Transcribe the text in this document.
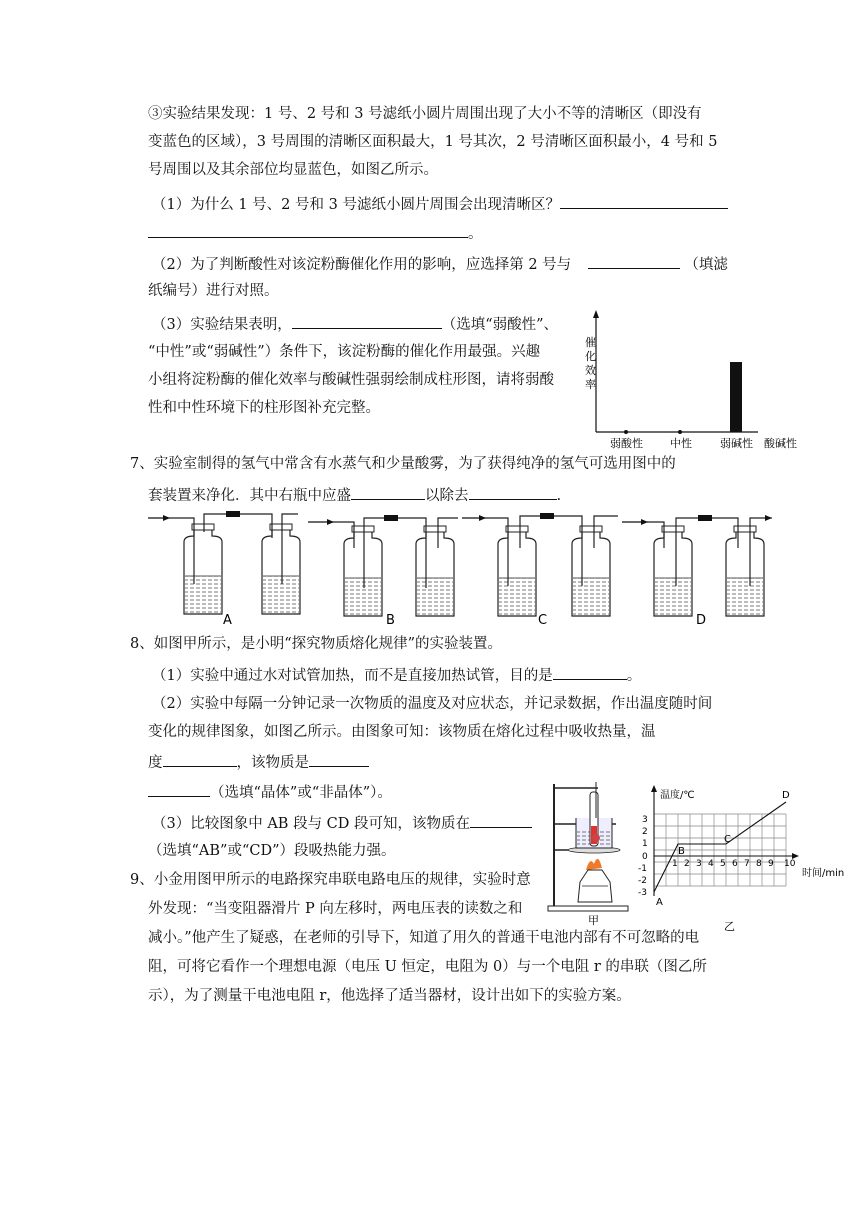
③实验结果发现：1 号、2 号和 3 号滤纸小圆片周围出现了大小不等的清晰区（即没有
变蓝色的区域），3 号周围的清晰区面积最大，1 号其次，2 号清晰区面积最小，4 号和 5
号周围以及其余部位均显蓝色，如图乙所示。
（1）为什么 1 号、2 号和 3 号滤纸小圆片周围会出现清晰区？
。
（2）为了判断酸性对该淀粉酶催化作用的影响，应选择第 2 号与	（填滤
纸编号）进行对照。
（3）实验结果表明，	（选填“弱酸性”、
“中性”或“弱碱性”）条件下，该淀粉酶的催化作用最强。兴趣
小组将淀粉酶的催化效率与酸碱性强弱绘制成柱形图，请将弱酸
性和中性环境下的柱形图补充完整。
催
化
效
率
弱酸性 中性	弱碱性 酸碱性
7、实验室制得的氢气中常含有水蒸气和少量酸雾，为了获得纯净的氢气可选用图中的
套装置来净化．其中右瓶中应盛	以除去	.
A	B	C	D
8、如图甲所示，是小明“探究物质熔化规律”的实验装置。
（1）实验中通过水对试管加热，而不是直接加热试管，目的是	。
（2）实验中每隔一分钟记录一次物质的温度及对应状态，并记录数据，作出温度随时间
变化的规律图象，如图乙所示。由图象可知：该物质在熔化过程中吸收热量，温
度	，该物质是
（选填“晶体”或“非晶体”）。
（3）比较图象中 AB 段与 CD 段可知，该物质在
（选填“AB”或“CD”）段吸热能力强。
甲
温度/℃
时间/min
3
2
1
0
-1
-2
-3
1 2 3 4 5 6 7 8 9 10
A
B
C
D
乙
9、小金用图甲所示的电路探究串联电路电压的规律，实验时意
外发现：“当变阻器滑片 P 向左移时，两电压表的读数之和
减小。”他产生了疑惑，在老师的引导下，知道了用久的普通干电池内部有不可忽略的电
阻，可将它看作一个理想电源（电压 U 恒定，电阻为 0）与一个电阻 r 的串联（图乙所
示），为了测量干电池电阻 r，他选择了适当器材，设计出如下的实验方案。
